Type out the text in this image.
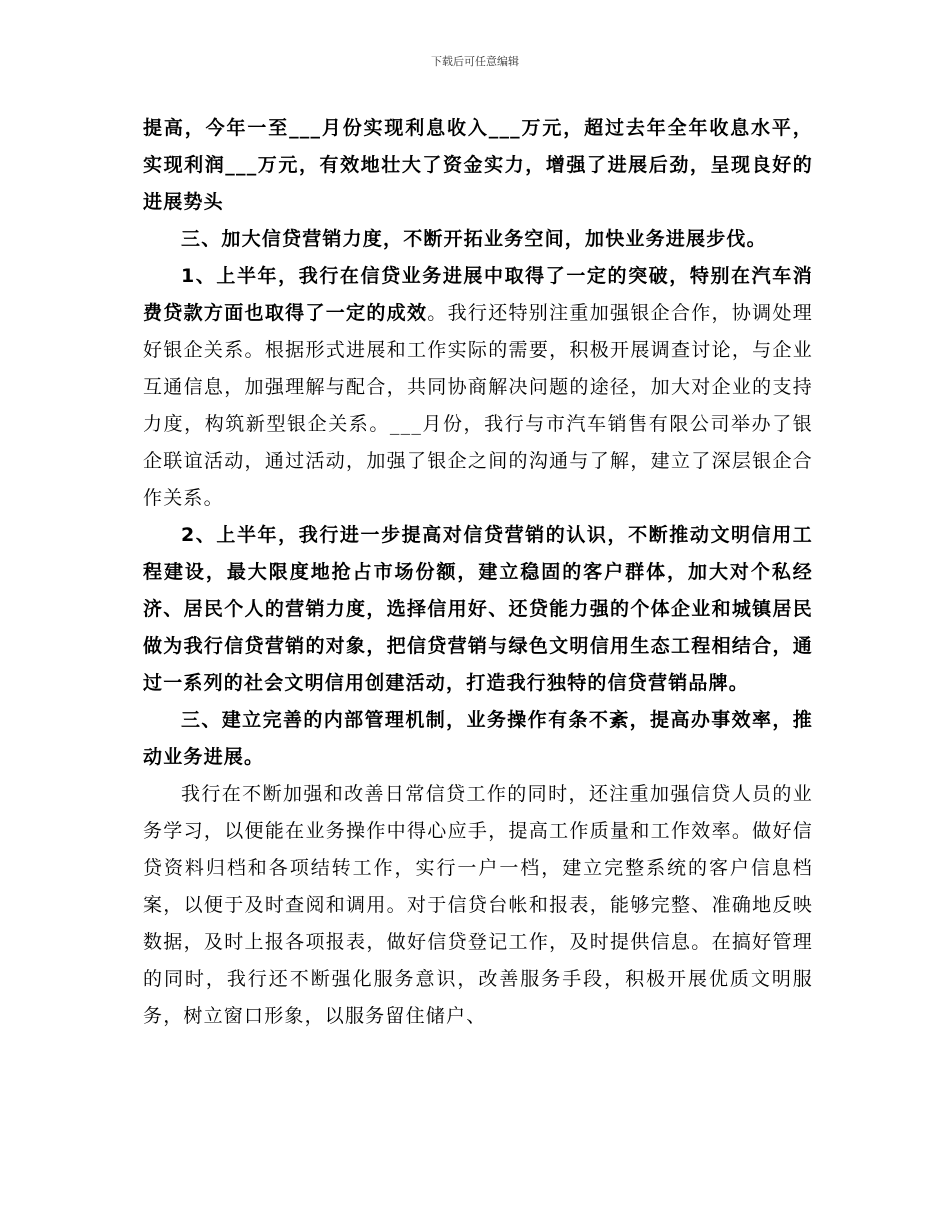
下载后可任意编辑

提高，今年一至___月份实现利息收入___万元，超过去年全年收息水平，实现利润___万元，有效地壮大了资金实力，增强了进展后劲，呈现良好的进展势头

三、加大信贷营销力度，不断开拓业务空间，加快业务进展步伐。

1、上半年，我行在信贷业务进展中取得了一定的突破，特别在汽车消费贷款方面也取得了一定的成效。我行还特别注重加强银企合作，协调处理好银企关系。根据形式进展和工作实际的需要，积极开展调查讨论，与企业互通信息，加强理解与配合，共同协商解决问题的途径，加大对企业的支持力度，构筑新型银企关系。___月份，我行与市汽车销售有限公司举办了银企联谊活动，通过活动，加强了银企之间的沟通与了解，建立了深层银企合作关系。

2、上半年，我行进一步提高对信贷营销的认识，不断推动文明信用工程建设，最大限度地抢占市场份额，建立稳固的客户群体，加大对个私经济、居民个人的营销力度，选择信用好、还贷能力强的个体企业和城镇居民做为我行信贷营销的对象，把信贷营销与绿色文明信用生态工程相结合，通过一系列的社会文明信用创建活动，打造我行独特的信贷营销品牌。

三、建立完善的内部管理机制，业务操作有条不紊，提高办事效率，推动业务进展。

我行在不断加强和改善日常信贷工作的同时，还注重加强信贷人员的业务学习，以便能在业务操作中得心应手，提高工作质量和工作效率。做好信贷资料归档和各项结转工作，实行一户一档，建立完整系统的客户信息档案，以便于及时查阅和调用。对于信贷台帐和报表，能够完整、准确地反映数据，及时上报各项报表，做好信贷登记工作，及时提供信息。在搞好管理的同时，我行还不断强化服务意识，改善服务手段，积极开展优质文明服务，树立窗口形象，以服务留住储户、
